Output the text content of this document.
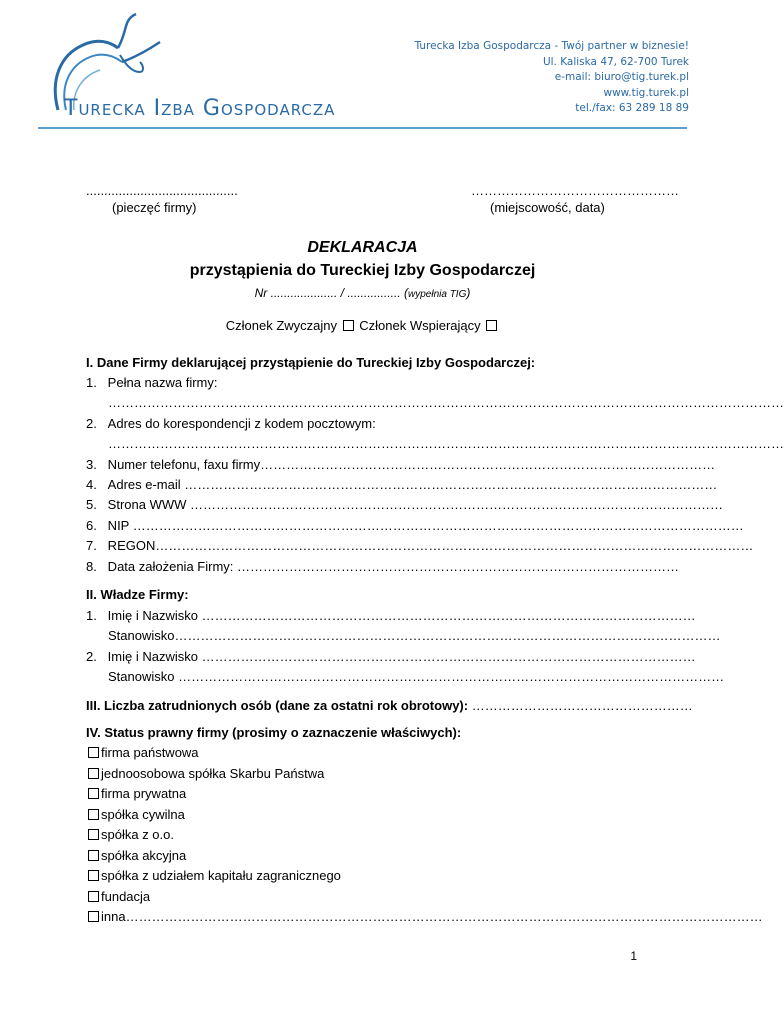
Turecka Izba Gospodarcza
Turecka Izba Gospodarcza - Twój partner w biznesie!
Ul. Kaliska 47, 62-700 Turek
e-mail: biuro@tig.turek.pl
www.tig.turek.pl
tel./fax: 63 289 18 89
..........................................	…………………………………………
(pieczęć firmy)	(miejscowość, data)
DEKLARACJA
przystąpienia do Tureckiej Izby Gospodarczej
Nr .................... / ................ (wypełnia TIG)
Członek Zwyczajny Członek Wspierający
I. Dane Firmy deklarującej przystąpienie do Tureckiej Izby Gospodarczej:
1.   Pełna nazwa firmy:
…………………………………………………………………………………………………………………………………………
2.   Adres do korespondencji z kodem pocztowym:
…………………………………………………………………………………………………………………………………………
3.   Numer telefonu, faxu firmy……………………………………………………………………………………………
4.   Adres e-mail ……………………………………………………………………………………………………………
5.   Strona WWW ……………………………………………………………………………………………………………
6.   NIP ……………………………………………………………………………………………………………………………
7.   REGON…………………………………………………………………………………………………………………………
8.   Data założenia Firmy: …………………………………………………………………………………………
II. Władze Firmy:
1.   Imię i Nazwisko ……………………………………………………………………………………………………
Stanowisko………………………………………………………………………………………………………………
2.   Imię i Nazwisko ……………………………………………………………………………………………………
Stanowisko ………………………………………………………………………………………………………………
III. Liczba zatrudnionych osób (dane za ostatni rok obrotowy): ……………………………………………
IV. Status prawny firmy (prosimy o zaznaczenie właściwych):
firma państwowa
jednoosobowa spółka Skarbu Państwa
firma prywatna
spółka cywilna
spółka z o.o.
spółka akcyjna
spółka z udziałem kapitału zagranicznego
fundacja
inna…………………………………………………………………………………………………………………………………
1
